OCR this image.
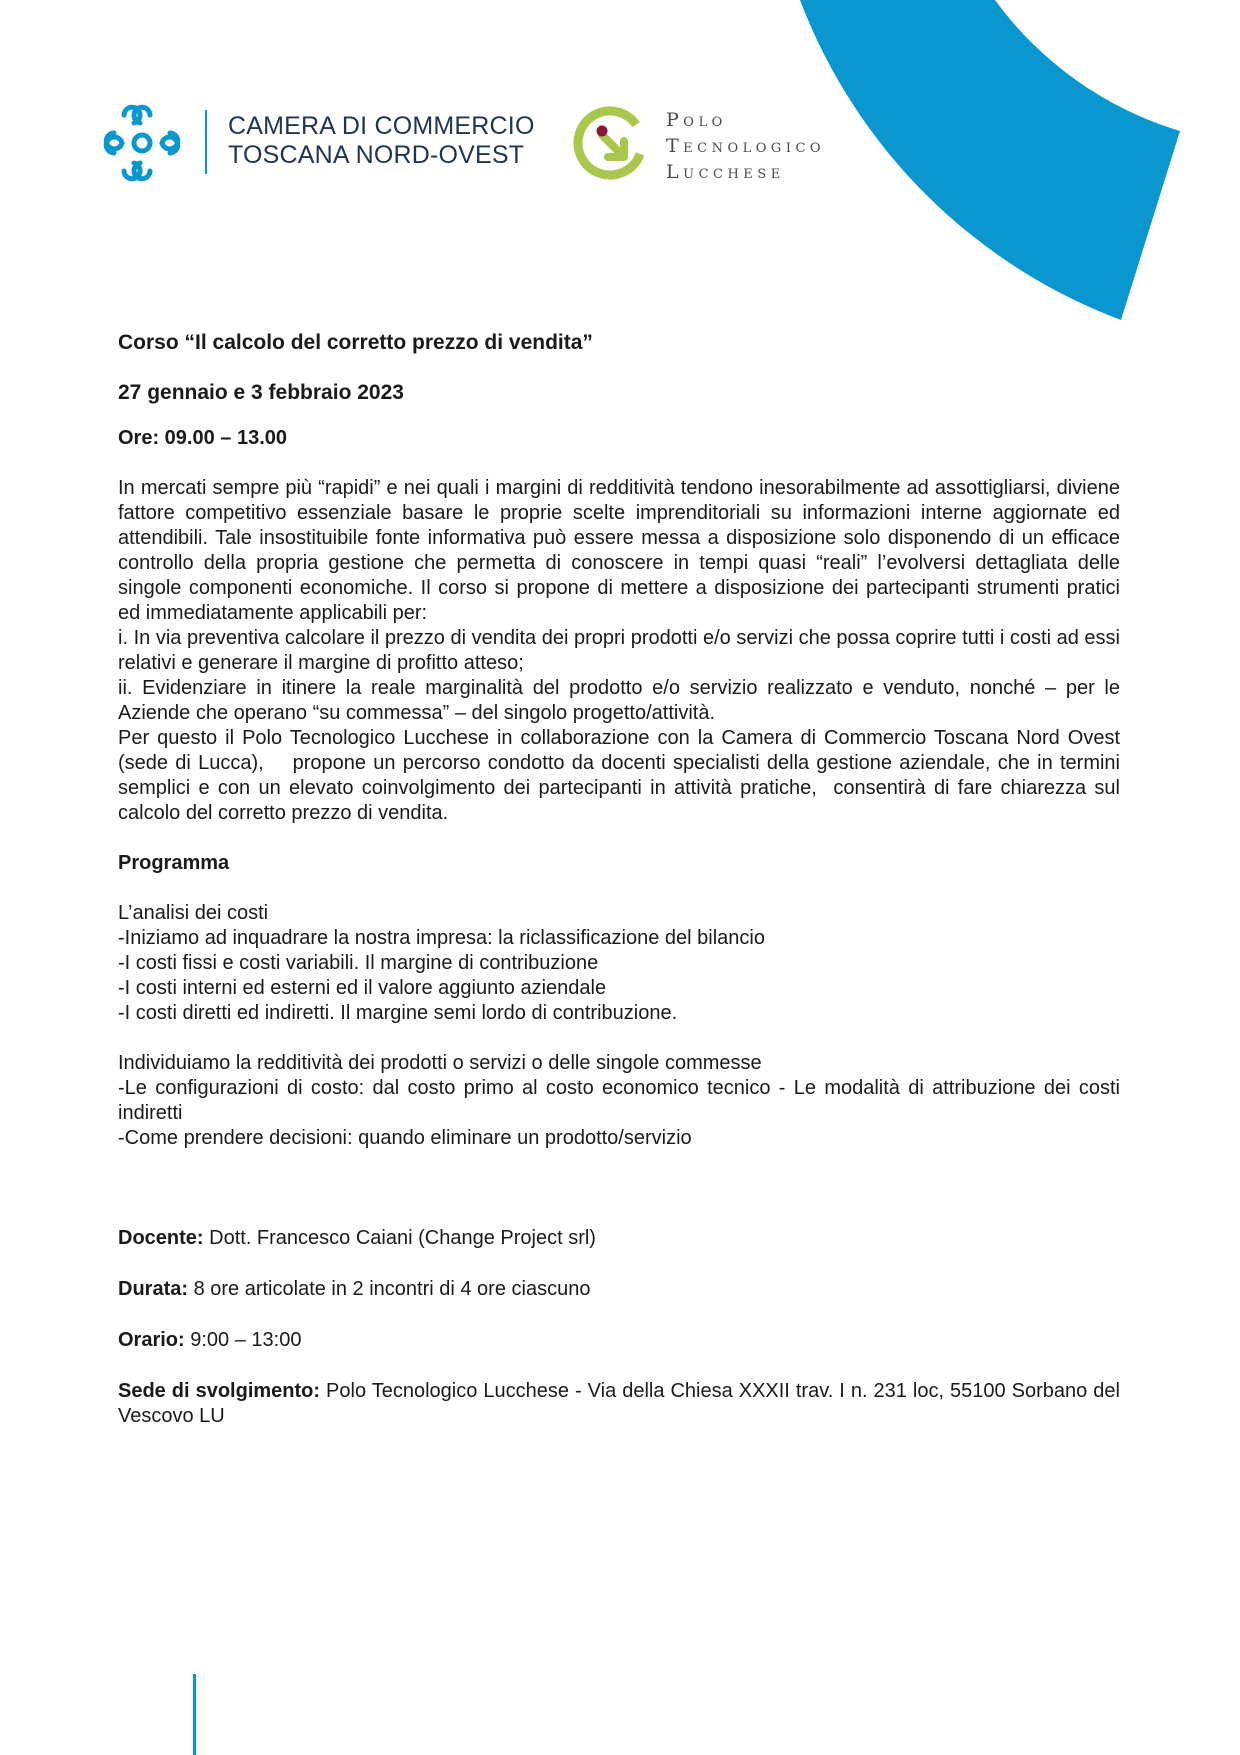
CAMERA DI COMMERCIO
TOSCANA NORD-OVEST
Polo
Tecnologico
Lucchese

Corso “Il calcolo del corretto prezzo di vendita”

27 gennaio e 3 febbraio 2023

Ore: 09.00 – 13.00

In mercati sempre più “rapidi” e nei quali i margini di redditività tendono inesorabilmente ad assottigliarsi, diviene fattore competitivo essenziale basare le proprie scelte imprenditoriali su informazioni interne aggiornate ed attendibili. Tale insostituibile fonte informativa può essere messa a disposizione solo disponendo di un efficace controllo della propria gestione che permetta di conoscere in tempi quasi “reali” l’evolversi dettagliata delle singole componenti economiche. Il corso si propone di mettere a disposizione dei partecipanti strumenti pratici ed immediatamente applicabili per:

i. In via preventiva calcolare il prezzo di vendita dei propri prodotti e/o servizi che possa coprire tutti i costi ad essi relativi e generare il margine di profitto atteso;

ii. Evidenziare in itinere la reale marginalità del prodotto e/o servizio realizzato e venduto, nonché – per le Aziende che operano “su commessa” – del singolo progetto/attività.

Per questo il Polo Tecnologico Lucchese in collaborazione con la Camera di Commercio Toscana Nord Ovest (sede di Lucca),    propone un percorso condotto da docenti specialisti della gestione aziendale, che in termini semplici e con un elevato coinvolgimento dei partecipanti in attività pratiche,  consentirà di fare chiarezza sul calcolo del corretto prezzo di vendita.

Programma

L’analisi dei costi

-Iniziamo ad inquadrare la nostra impresa: la riclassificazione del bilancio

-I costi fissi e costi variabili. Il margine di contribuzione

-I costi interni ed esterni ed il valore aggiunto aziendale

-I costi diretti ed indiretti. Il margine semi lordo di contribuzione.

Individuiamo la redditività dei prodotti o servizi o delle singole commesse

-Le configurazioni di costo: dal costo primo al costo economico tecnico - Le modalità di attribuzione dei costi indiretti

-Come prendere decisioni: quando eliminare un prodotto/servizio

Docente: Dott. Francesco Caiani (Change Project srl)

Durata: 8 ore articolate in 2 incontri di 4 ore ciascuno

Orario: 9:00 – 13:00

Sede di svolgimento: Polo Tecnologico Lucchese - Via della Chiesa XXXII trav. I n. 231 loc, 55100 Sorbano del Vescovo LU
